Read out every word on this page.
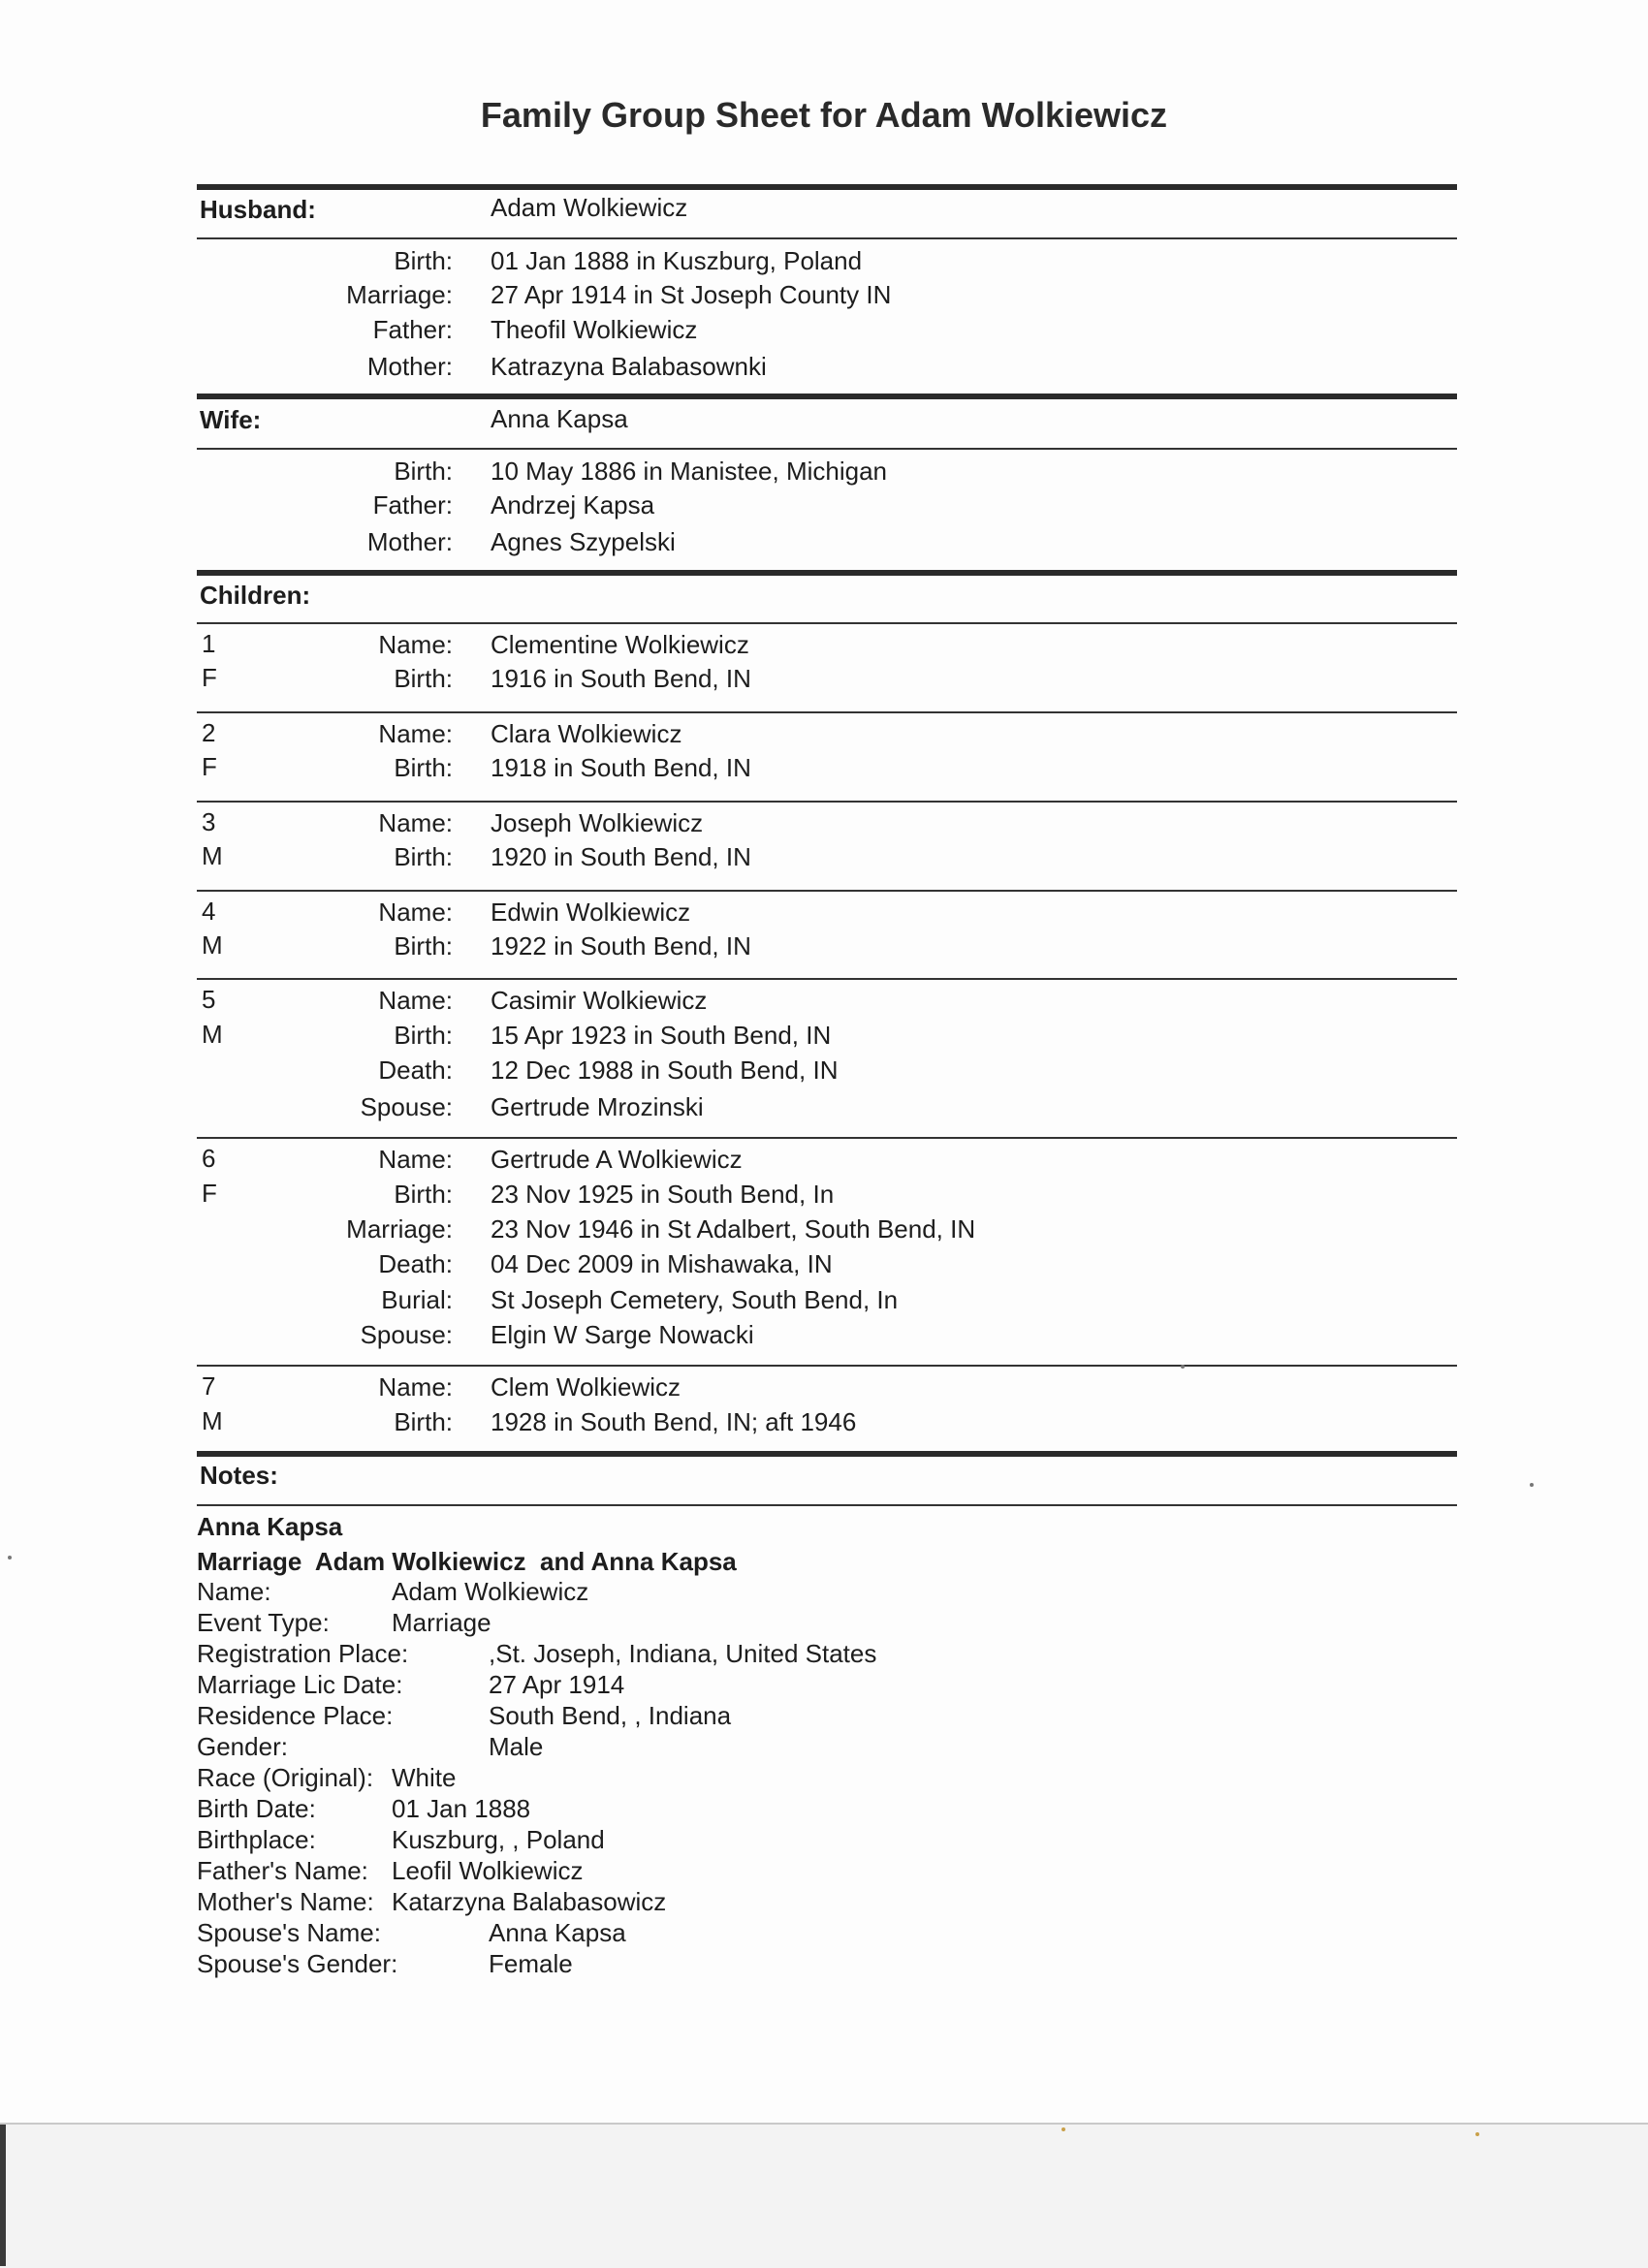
Family Group Sheet for Adam Wolkiewicz
Husband:	Adam Wolkiewicz
Birth: 01 Jan 1888 in Kuszburg, Poland
Marriage: 27 Apr 1914 in St Joseph County IN
Father: Theofil Wolkiewicz
Mother: Katrazyna Balabasownki
Wife:	Anna Kapsa
Birth: 10 May 1886 in Manistee, Michigan
Father: Andrzej Kapsa
Mother: Agnes Szypelski
Children:
1
F
Name: Clementine Wolkiewicz
Birth: 1916 in South Bend, IN
2
F
Name: Clara Wolkiewicz
Birth: 1918 in South Bend, IN
3
M
Name: Joseph Wolkiewicz
Birth: 1920 in South Bend, IN
4
M
Name: Edwin Wolkiewicz
Birth: 1922 in South Bend, IN
5
M
Name: Casimir Wolkiewicz
Birth: 15 Apr 1923 in South Bend, IN
Death: 12 Dec 1988 in South Bend, IN
Spouse: Gertrude Mrozinski
6
F
Name: Gertrude A Wolkiewicz
Birth: 23 Nov 1925 in South Bend, In
Marriage: 23 Nov 1946 in St Adalbert, South Bend, IN
Death: 04 Dec 2009 in Mishawaka, IN
Burial: St Joseph Cemetery, South Bend, In
Spouse: Elgin W Sarge Nowacki
7
M
Name: Clem Wolkiewicz
Birth: 1928 in South Bend, IN; aft 1946
Notes:
Anna Kapsa
Marriage  Adam Wolkiewicz  and Anna Kapsa
Name:	Adam Wolkiewicz
Event Type: Marriage
Registration Place:	,St. Joseph, Indiana, United States
Marriage Lic Date:	27 Apr 1914
Residence Place:	South Bend, , Indiana
Gender:	Male
Race (Original): White
Birth Date:	01 Jan 1888
Birthplace:	Kuszburg, , Poland
Father's Name: Leofil Wolkiewicz
Mother's Name: Katarzyna Balabasowicz
Spouse's Name:	Anna Kapsa
Spouse's Gender:	Female
